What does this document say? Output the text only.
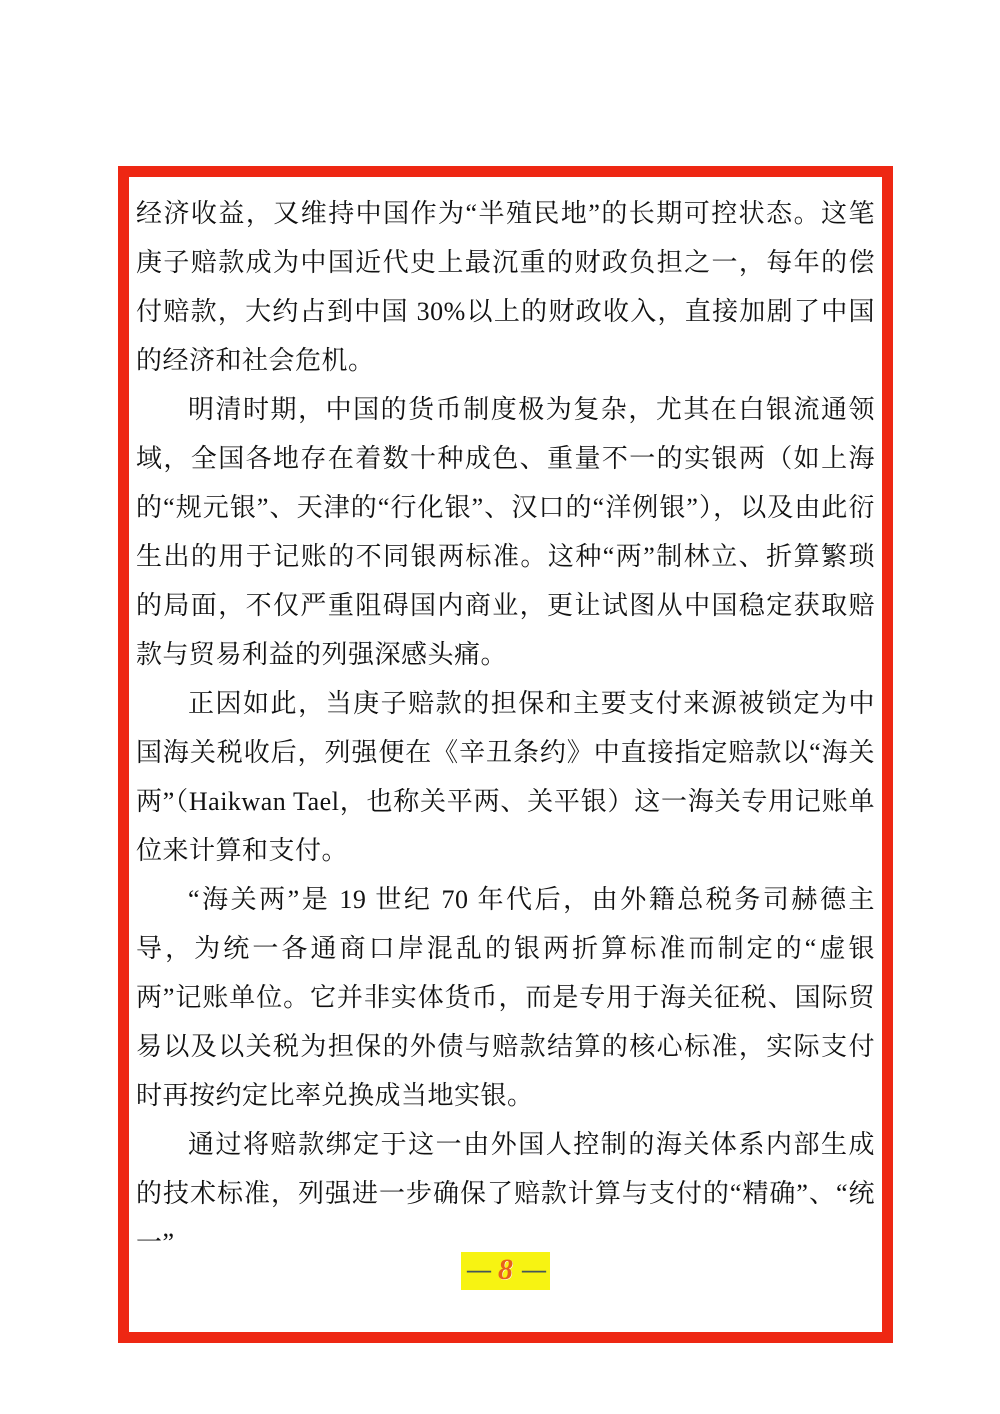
经济收益，又维持中国作为“半殖民地”的长期可控状态。这笔庚子赔款成为中国近代史上最沉重的财政负担之一，每年的偿付赔款，大约占到中国 30%以上的财政收入，直接加剧了中国的经济和社会危机。

明清时期，中国的货币制度极为复杂，尤其在白银流通领域，全国各地存在着数十种成色、重量不一的实银两（如上海的“规元银”、天津的“行化银”、汉口的“洋例银”），以及由此衍生出的用于记账的不同银两标准。这种“两”制林立、折算繁琐的局面，不仅严重阻碍国内商业，更让试图从中国稳定获取赔款与贸易利益的列强深感头痛。

正因如此，当庚子赔款的担保和主要支付来源被锁定为中国海关税收后，列强便在《辛丑条约》中直接指定赔款以“海关两”（Haikwan Tael，也称关平两、关平银）这一海关专用记账单位来计算和支付。

“海关两”是 19 世纪 70 年代后，由外籍总税务司赫德主导，为统一各通商口岸混乱的银两折算标准而制定的“虚银两”记账单位。它并非实体货币，而是专用于海关征税、国际贸易以及以关税为担保的外债与赔款结算的核心标准，实际支付时再按约定比率兑换成当地实银。

通过将赔款绑定于这一由外国人控制的海关体系内部生成的技术标准，列强进一步确保了赔款计算与支付的“精确”、“统一”

— 8 —
